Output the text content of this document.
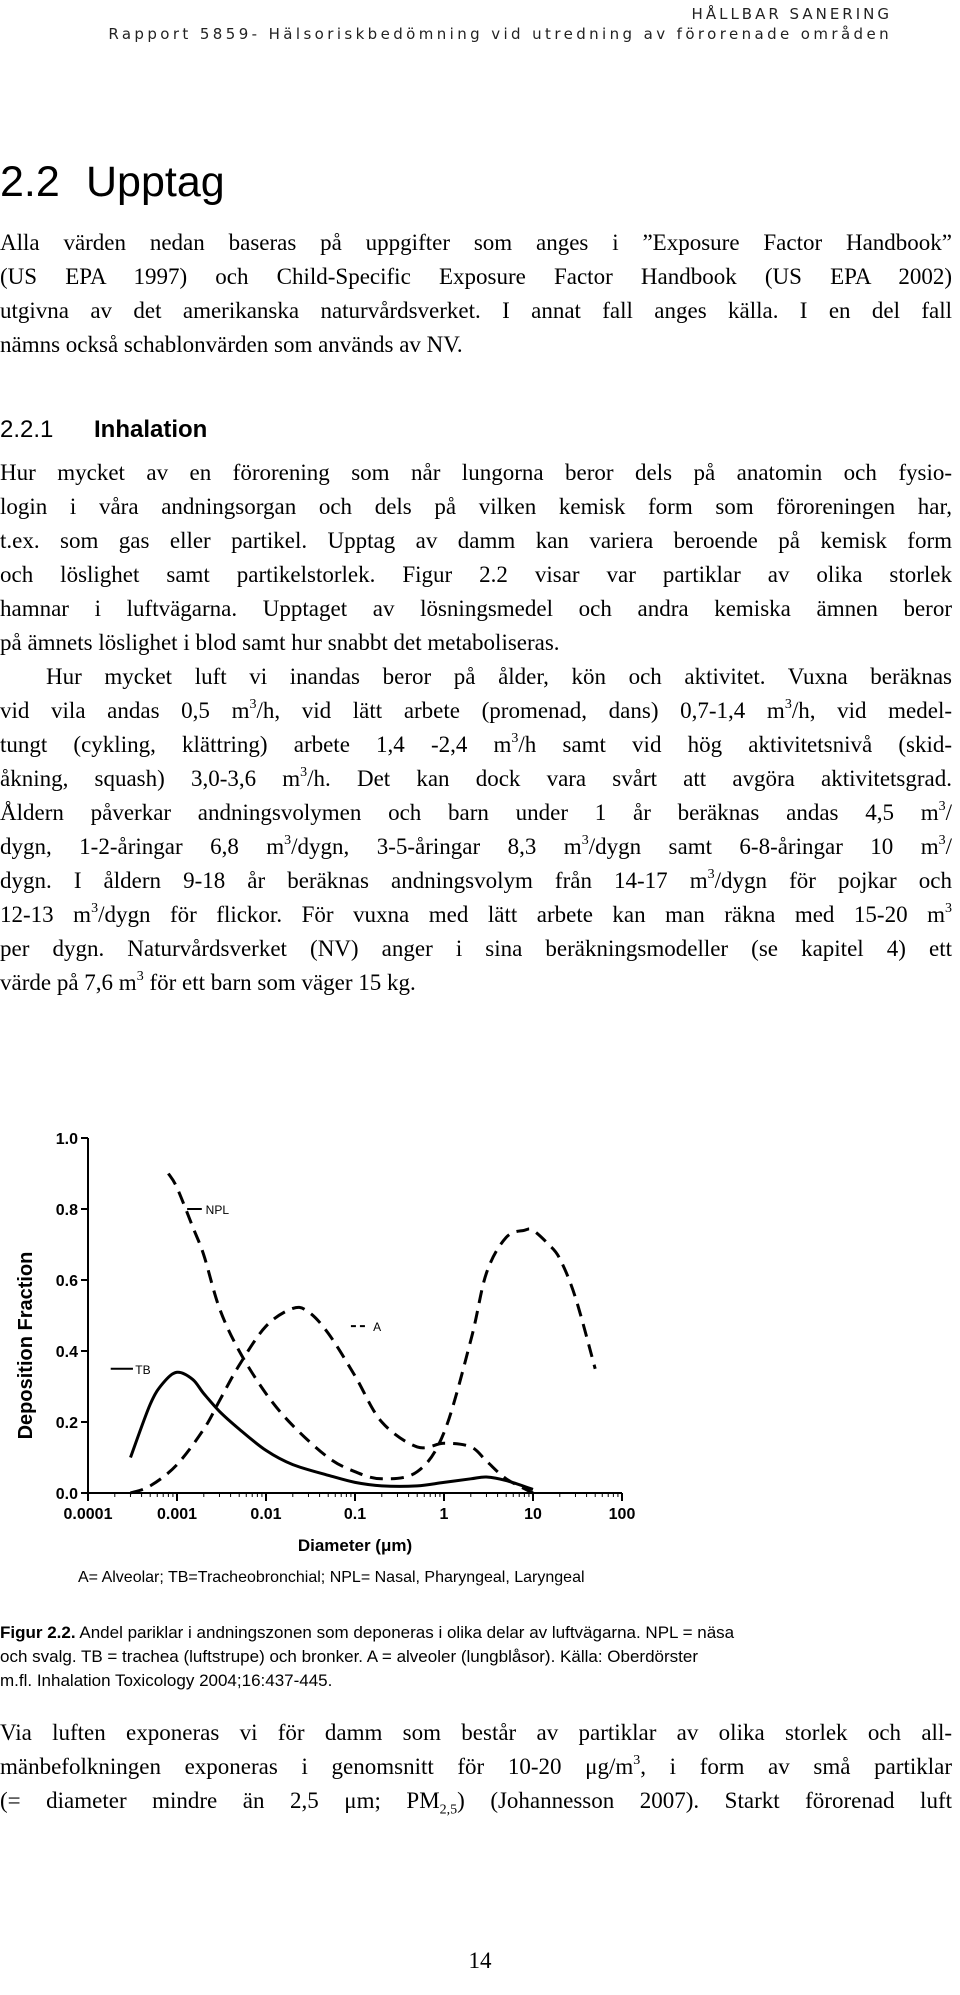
HÅLLBAR SANERING
Rapport 5859- Hälsoriskbedömning vid utredning av förorenade områden
2.2 Upptag

Alla värden nedan baseras på uppgifter som anges i ”Exposure Factor Handbook”
(US EPA 1997) och Child-Specific Exposure Factor Handbook (US EPA 2002)
utgivna av det amerikanska naturvårdsverket. I annat fall anges källa. I en del fall
nämns också schablonvärden som används av NV.

2.2.1 Inhalation

Hur mycket av en förorening som når lungorna beror dels på anatomin och fysio-
login i våra andningsorgan och dels på vilken kemisk form som föroreningen har,
t.ex. som gas eller partikel. Upptag av damm kan variera beroende på kemisk form
och löslighet samt partikelstorlek. Figur 2.2 visar var partiklar av olika storlek
hamnar i luftvägarna. Upptaget av lösningsmedel och andra kemiska ämnen beror
på ämnets löslighet i blod samt hur snabbt det metaboliseras.

Hur mycket luft vi inandas beror på ålder, kön och aktivitet. Vuxna beräknas
vid vila andas 0,5 $m^3/h$, vid lätt arbete (promenad, dans) 0,7-1,4 $m^3/h$, vid medel-
tungt (cykling, klättring) arbete 1,4 -2,4 $m^3/h$ samt vid hög aktivitetsnivå (skid-
åkning, squash) 3,0-3,6 $m^3/h$. Det kan dock vara svårt att avgöra aktivitetsgrad.
Åldern påverkar andningsvolymen och barn under 1 år beräknas andas 4,5 $m^3/$
dygn, 1-2-åringar 6,8 $m^3$/dygn, 3-5-åringar 8,3 $m^3$/dygn samt 6-8-åringar 10 $m^3/$
dygn. I åldern 9-18 år beräknas andningsvolym från 14-17 $m^3$/dygn för pojkar och
12-13 $m^3$/dygn för flickor. För vuxna med lätt arbete kan man räkna med 15-20 $m^3$
per dygn. Naturvårdsverket (NV) anger i sina beräkningsmodeller (se kapitel 4) ett
värde på 7,6 $m^3$ för ett barn som väger 15 kg.

0.0
0.2
0.4
0.6
0.8
1.0
0.0001	0.001	0.01	0.1	1	10	100
Diameter (μm)
Deposition Fraction
NPL
A
TB
A= Alveolar; TB=Tracheobronchial; NPL= Nasal, Pharyngeal, Laryngeal
Figur 2.2. Andel pariklar i andningszonen som deponeras i olika delar av luftvägarna. NPL = näsa
och svalg. TB = trachea (luftstrupe) och bronker. A = alveoler (lungblåsor). Källa: Oberdörster
m.fl. Inhalation Toxicology 2004;16:437-445.

Via luften exponeras vi för damm som består av partiklar av olika storlek och all-
mänbefolkningen exponeras i genomsnitt för 10-20 $\mu g/m^3$, i form av små partiklar
(= diameter mindre än 2,5 μm; $PM_{2,5}$) (Johannesson 2007). Starkt förorenad luft

14
